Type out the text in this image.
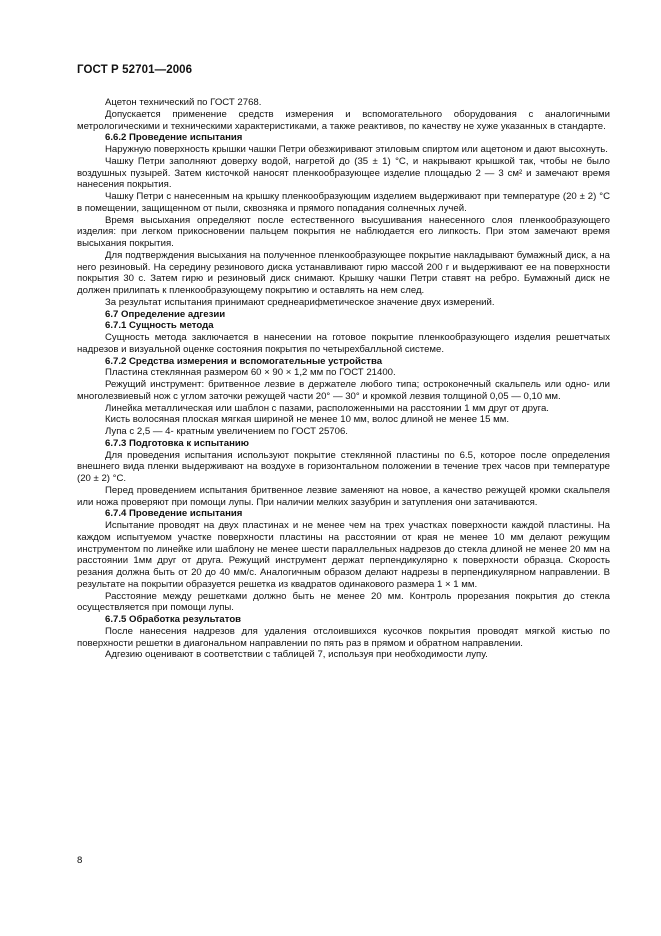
ГОСТ Р 52701—2006

Ацетон технический по ГОСТ 2768.

Допускается применение средств измерения и вспомогательного оборудования с аналогичными метрологическими и техническими характеристиками, а также реактивов, по качеству не хуже указанных в стандарте.

6.6.2 Проведение испытания

Наружную поверхность крышки чашки Петри обезжиривают этиловым спиртом или ацетоном и дают высохнуть.

Чашку Петри заполняют доверху водой, нагретой до (35 ± 1) °С, и накрывают крышкой так, чтобы не было воздушных пузырей. Затем кисточкой наносят пленкообразующее изделие площадью 2 — 3 см² и замечают время нанесения покрытия.

Чашку Петри с нанесенным на крышку пленкообразующим изделием выдерживают при температуре (20 ± 2) °С в помещении, защищенном от пыли, сквозняка и прямого попадания солнечных лучей.

Время высыхания определяют после естественного высушивания нанесенного слоя пленкообразующего изделия: при легком прикосновении пальцем покрытия не наблюдается его липкость. При этом замечают время высыхания покрытия.

Для подтверждения высыхания на полученное пленкообразующее покрытие накладывают бумажный диск, а на него резиновый. На середину резинового диска устанавливают гирю массой 200 г и выдерживают ее на поверхности покрытия 30 с. Затем гирю и резиновый диск снимают. Крышку чашки Петри ставят на ребро. Бумажный диск не должен прилипать к пленкообразующему покрытию и оставлять на нем след.

За результат испытания принимают среднеарифметическое значение двух измерений.

6.7 Определение адгезии

6.7.1 Сущность метода

Сущность метода заключается в нанесении на готовое покрытие пленкообразующего изделия решетчатых надрезов и визуальной оценке состояния покрытия по четырехбалльной системе.

6.7.2 Средства измерения и вспомогательные устройства

Пластина стеклянная размером 60 × 90 × 1,2 мм по ГОСТ 21400.

Режущий инструмент: бритвенное лезвие в держателе любого типа; остроконечный скальпель или одно- или многолезвиевый нож с углом заточки режущей части 20° — 30° и кромкой лезвия толщиной 0,05 — 0,10 мм.

Линейка металлическая или шаблон с пазами, расположенными на расстоянии 1 мм друг от друга.

Кисть волосяная плоская мягкая шириной не менее 10 мм, волос длиной не менее 15 мм.

Лупа с 2,5 — 4- кратным увеличением по ГОСТ 25706.

6.7.3 Подготовка к испытанию

Для проведения испытания используют покрытие стеклянной пластины по 6.5, которое после определения внешнего вида пленки выдерживают на воздухе в горизонтальном положении в течение трех часов при температуре (20 ± 2) °С.

Перед проведением испытания бритвенное лезвие заменяют на новое, а качество режущей кромки скальпеля или ножа проверяют при помощи лупы. При наличии мелких зазубрин и затупления они затачиваются.

6.7.4 Проведение испытания

Испытание проводят на двух пластинах и не менее чем на трех участках поверхности каждой пластины. На каждом испытуемом участке поверхности пластины на расстоянии от края не менее 10 мм делают режущим инструментом по линейке или шаблону не менее шести параллельных надрезов до стекла длиной не менее 20 мм на расстоянии 1мм друг от друга. Режущий инструмент держат перпендикулярно к поверхности образца. Скорость резания должна быть от 20 до 40 мм/с. Аналогичным образом делают надрезы в перпендикулярном направлении. В результате на покрытии образуется решетка из квадратов одинакового размера 1 × 1 мм.

Расстояние между решетками должно быть не менее 20 мм. Контроль прорезания покрытия до стекла осуществляется при помощи лупы.

6.7.5 Обработка результатов

После нанесения надрезов для удаления отслоившихся кусочков покрытия проводят мягкой кистью по поверхности решетки в диагональном направлении по пять раз в прямом и обратном направлении.

Адгезию оценивают в соответствии с таблицей 7, используя при необходимости лупу.

8
